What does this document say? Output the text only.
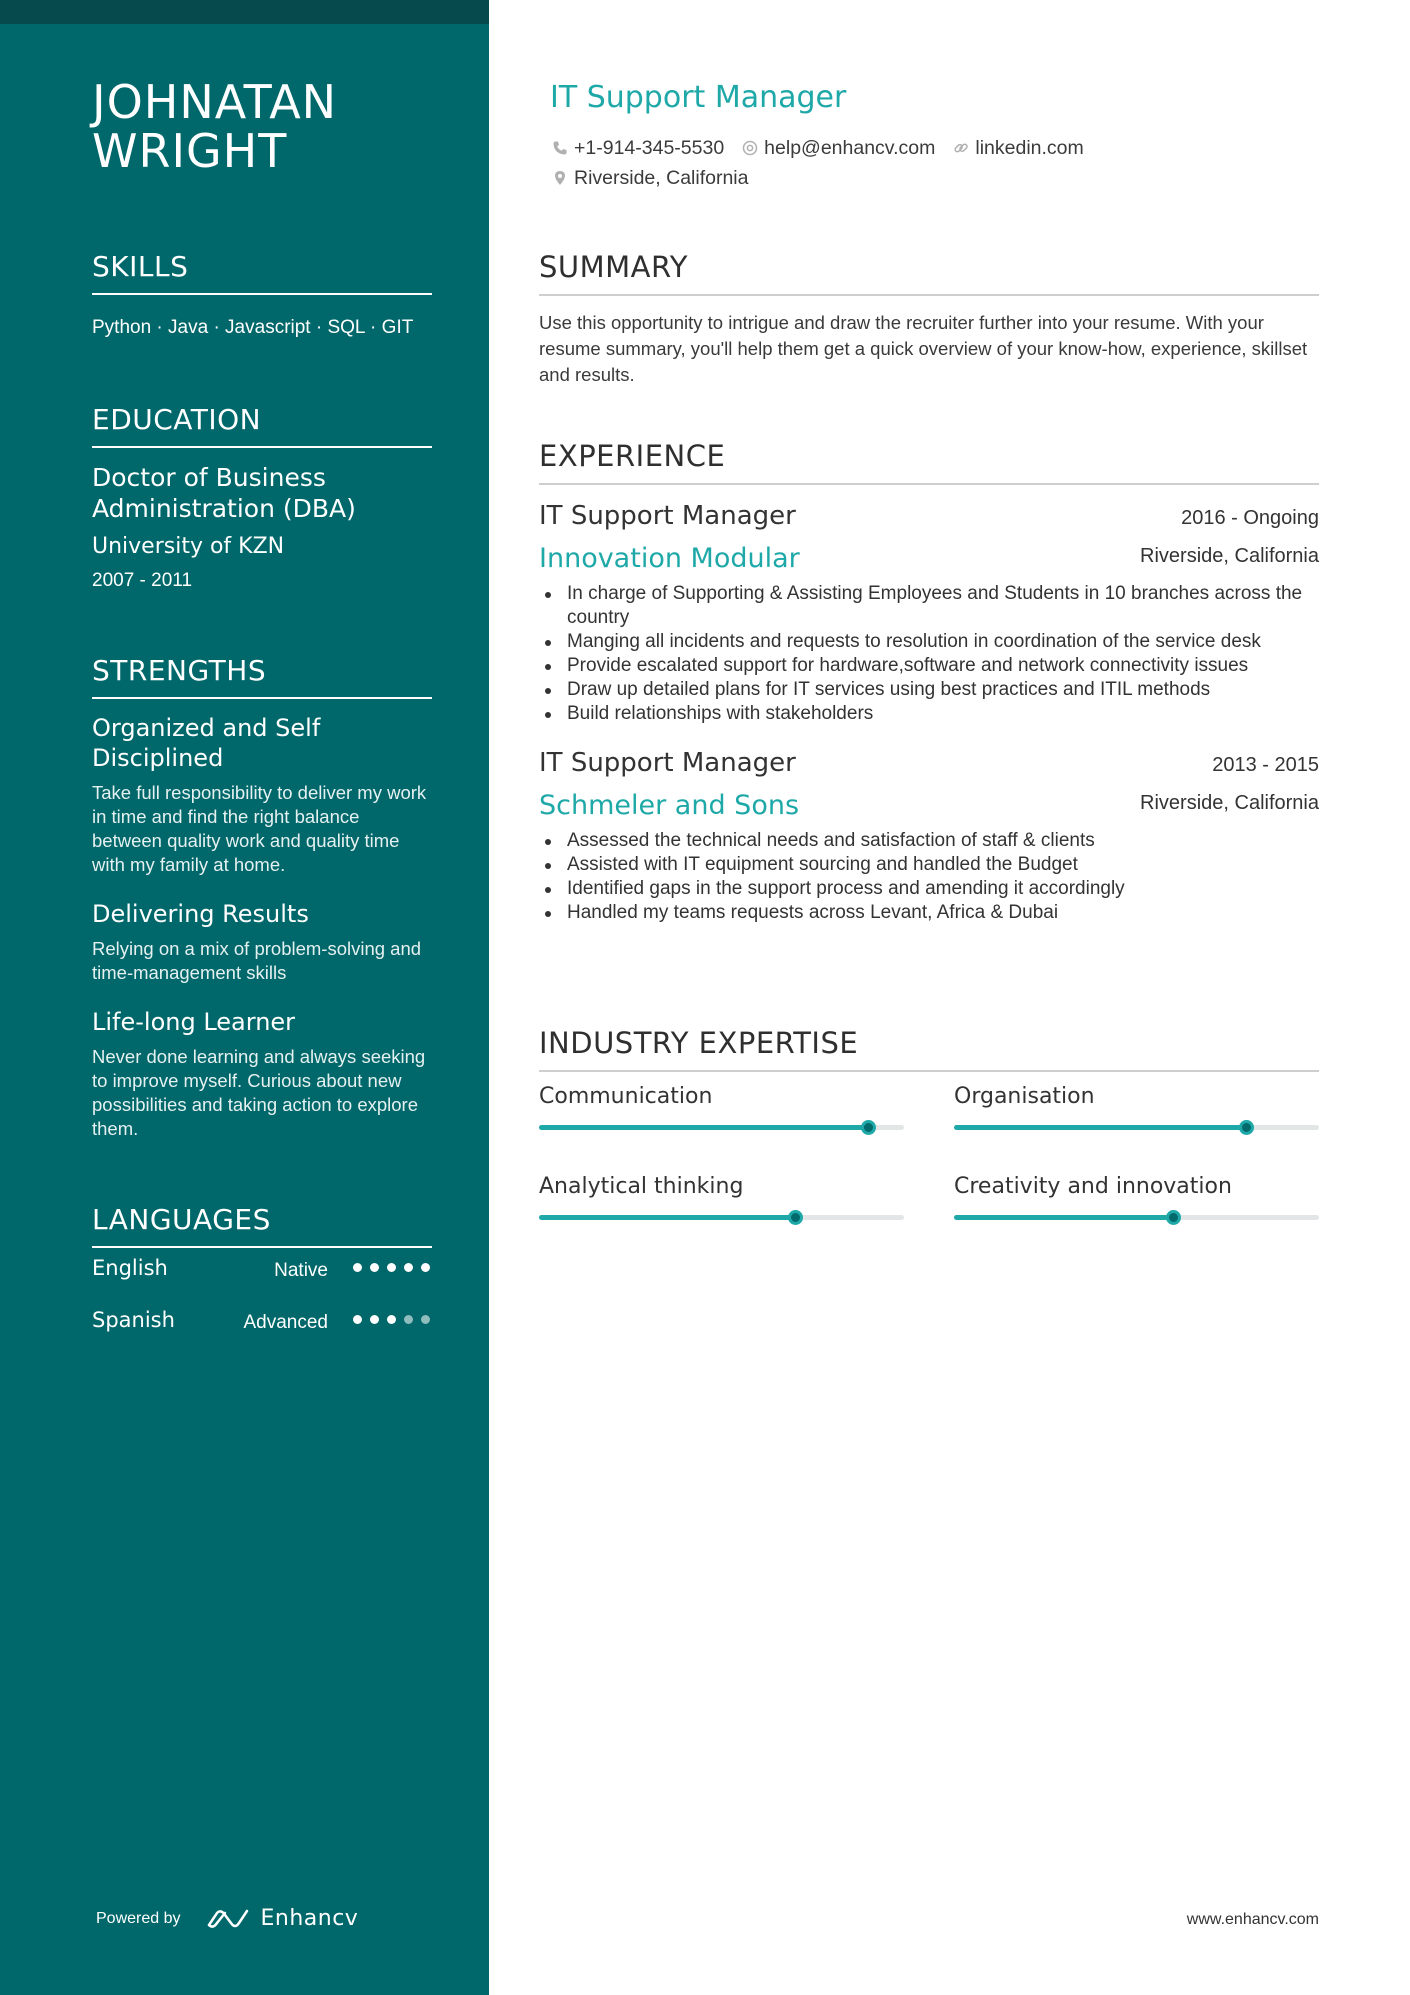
JOHNATAN
WRIGHT
SKILLS
Python · Java · Javascript · SQL · GIT
EDUCATION
Doctor of Business Administration (DBA)
University of KZN
2007 - 2011
STRENGTHS
Organized and Self Disciplined
Take full responsibility to deliver my work in time and find the right balance between quality work and quality time with my family at home.
Delivering Results
Relying on a mix of problem-solving and time-management skills
Life-long Learner
Never done learning and always seeking to improve myself. Curious about new possibilities and taking action to explore them.
LANGUAGES
English	Native
Spanish	Advanced
Powered by	Enhancv
IT Support Manager
+1-914-345-5530 help@enhancv.com linkedin.com
Riverside, California
SUMMARY

Use this opportunity to intrigue and draw the recruiter further into your resume. With your resume summary, you'll help them get a quick overview of your know-how, experience, skillset and results.

EXPERIENCE
IT Support Manager	2016 - Ongoing
Innovation Modular	Riverside, California
In charge of Supporting & Assisting Employees and Students in 10 branches across the country
Manging all incidents and requests to resolution in coordination of the service desk
Provide escalated support for hardware,software and network connectivity issues
Draw up detailed plans for IT services using best practices and ITIL methods
Build relationships with stakeholders
IT Support Manager	2013 - 2015
Schmeler and Sons	Riverside, California
Assessed the technical needs and satisfaction of staff & clients
Assisted with IT equipment sourcing and handled the Budget
Identified gaps in the support process and amending it accordingly
Handled my teams requests across Levant, Africa & Dubai
INDUSTRY EXPERTISE
Communication	Organisation
Analytical thinking	Creativity and innovation
www.enhancv.com
